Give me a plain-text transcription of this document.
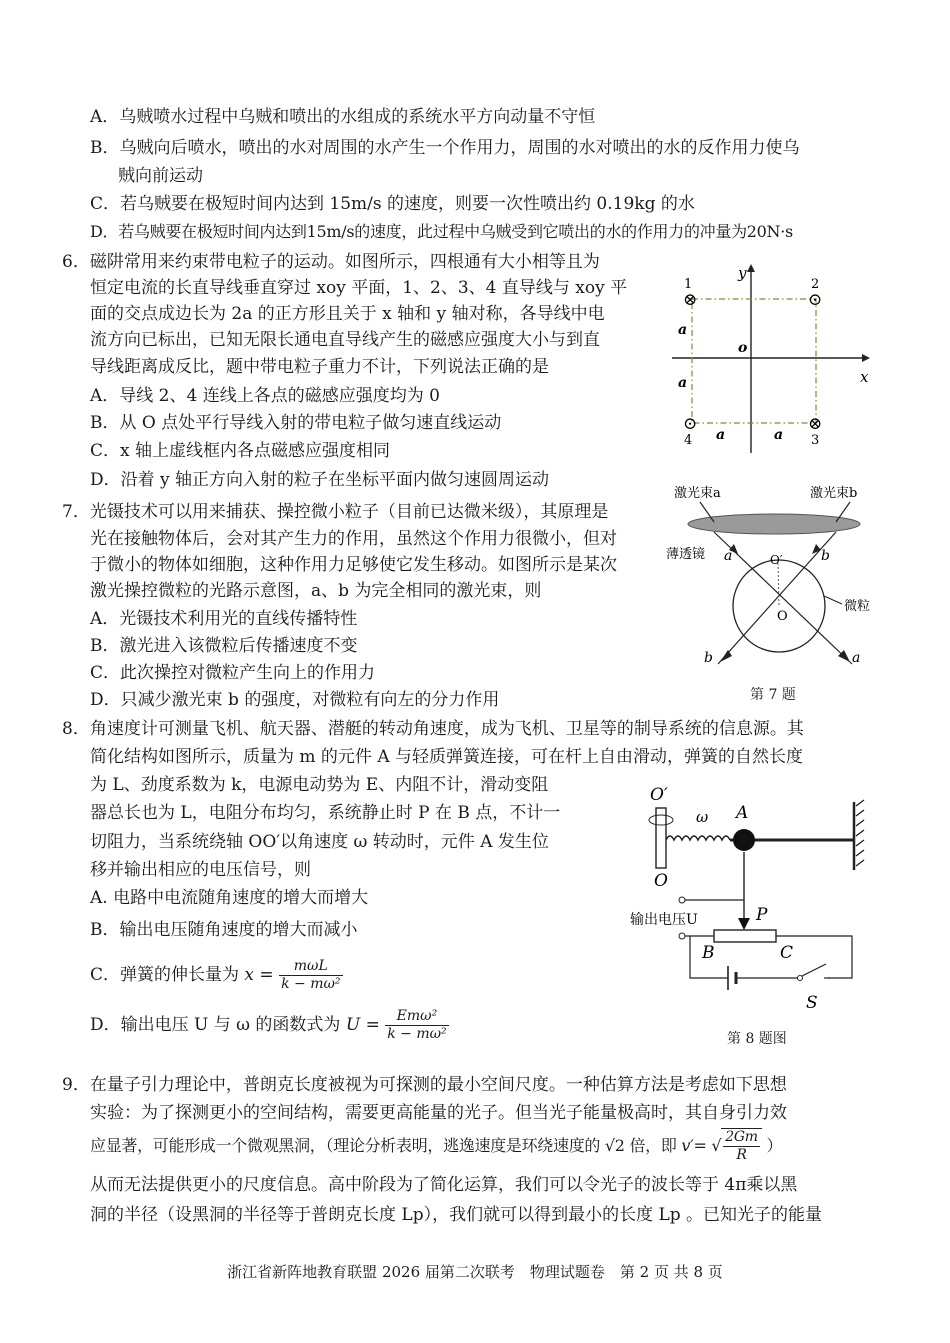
A．乌贼喷水过程中乌贼和喷出的水组成的系统水平方向动量不守恒
B．乌贼向后喷水，喷出的水对周围的水产生一个作用力，周围的水对喷出的水的反作用力使乌
贼向前运动
C．若乌贼要在极短时间内达到 15m/s 的速度，则要一次性喷出约 0.19kg 的水
D．若乌贼要在极短时间内达到15m/s的速度，此过程中乌贼受到它喷出的水的作用力的冲量为20N·s
6．磁阱常用来约束带电粒子的运动。如图所示，四根通有大小相等且为
恒定电流的长直导线垂直穿过 xoy 平面，1、2、3、4 直导线与 xoy 平
面的交点成边长为 2a 的正方形且关于 x 轴和 y 轴对称，各导线中电
流方向已标出，已知无限长通电直导线产生的磁感应强度大小与到直
导线距离成反比，题中带电粒子重力不计，下列说法正确的是
A．导线 2、4 连线上各点的磁感应强度均为 0
B．从 O 点处平行导线入射的带电粒子做匀速直线运动
C．x 轴上虚线框内各点磁感应强度相同
D．沿着 y 轴正方向入射的粒子在坐标平面内做匀速圆周运动
1	2
3
4
⊗	⊙
⊗
⊙
y
x
o
a
a
a	a
7．光镊技术可以用来捕获、操控微小粒子（目前已达微米级），其原理是
光在接触物体后，会对其产生力的作用，虽然这个作用力很微小，但对
于微小的物体如细胞，这种作用力足够使它发生移动。如图所示是某次
激光操控微粒的光路示意图，a、b 为完全相同的激光束，则
A．光镊技术利用光的直线传播特性
B．激光进入该微粒后传播速度不变
C．此次操控对微粒产生向上的作用力
D．只减少激光束 b 的强度，对微粒有向左的分力作用
激光束a	激光束b
薄透镜
微粒
a	b
b	a
O′
O
第 7 题
8．角速度计可测量飞机、航天器、潜艇的转动角速度，成为飞机、卫星等的制导系统的信息源。其
简化结构如图所示，质量为 m 的元件 A 与轻质弹簧连接，可在杆上自由滑动，弹簧的自然长度
为 L、劲度系数为 k，电源电动势为 E、内阻不计，滑动变阻
器总长也为 L，电阻分布均匀，系统静止时 P 在 B 点，不计一
切阻力，当系统绕轴 OO′以角速度 ω 转动时，元件 A 发生位
移并输出相应的电压信号，则
A. 电路中电流随角速度的增大而增大
B．输出电压随角速度的增大而减小
C．弹簧的伸长量为 $x = \frac{\text{mωL}}{\text{k − mω²}}$
D．输出电压 U 与 ω 的函数式为 $U = \frac{\text{Emω²}}{\text{k − mω²}}$
O′
ω A
O
输出电压U	P
B	C
S
第 8 题图
9．在量子引力理论中，普朗克长度被视为可探测的最小空间尺度。一种估算方法是考虑如下思想
实验：为了探测更小的空间结构，需要更高能量的光子。但当光子能量极高时，其自身引力效
应显著，可能形成一个微观黑洞，（理论分析表明，逃逸速度是环绕速度的 √2 倍，即 v′= √ $\frac{2Gm}{R}$ ）
从而无法提供更小的尺度信息。高中阶段为了简化运算，我们可以令光子的波长等于 4π乘以黑
洞的半径（设黑洞的半径等于普朗克长度 Lp），我们就可以得到最小的长度 Lp 。已知光子的能量
浙江省新阵地教育联盟 2026 届第二次联考　物理试题卷　第 2 页 共 8 页
